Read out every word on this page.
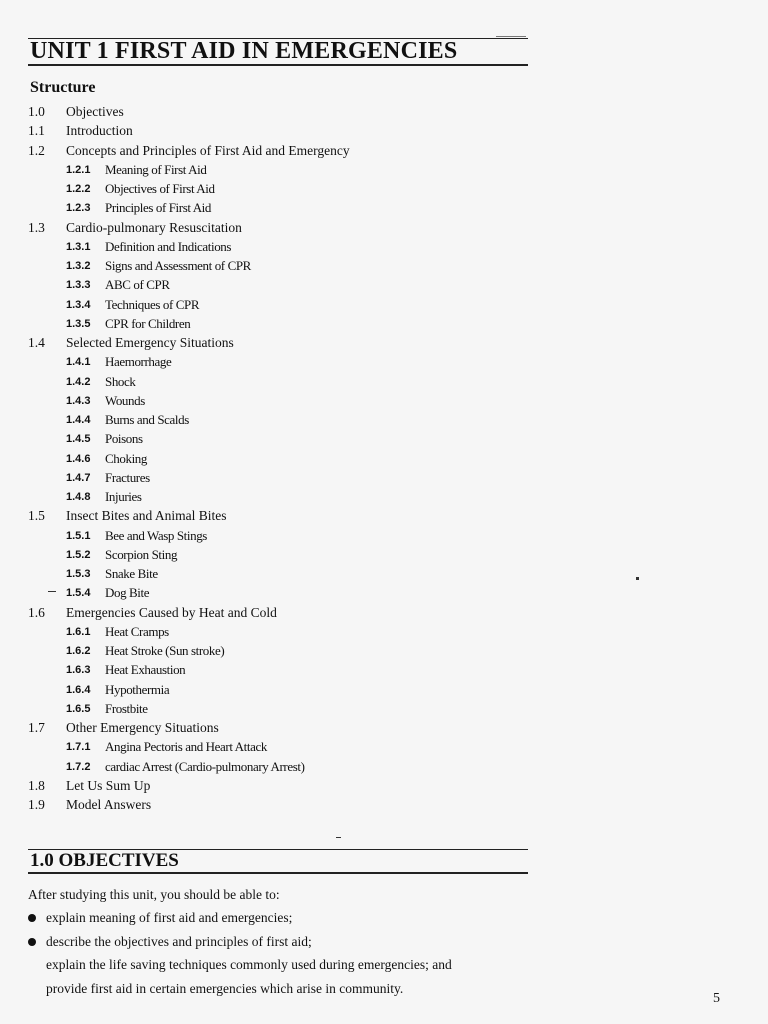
UNIT 1 FIRST AID IN EMERGENCIES
Structure
1.0 Objectives
1.1 Introduction
1.2 Concepts and Principles of First Aid and Emergency
1.2.1 Meaning of First Aid
1.2.2 Objectives of First Aid
1.2.3 Principles of First Aid
1.3 Cardio-pulmonary Resuscitation
1.3.1 Definition and Indications
1.3.2 Signs and Assessment of CPR
1.3.3 ABC of CPR
1.3.4 Techniques of CPR
1.3.5 CPR for Children
1.4 Selected Emergency Situations
1.4.1 Haemorrhage
1.4.2 Shock
1.4.3 Wounds
1.4.4 Burns and Scalds
1.4.5 Poisons
1.4.6 Choking
1.4.7 Fractures
1.4.8 Injuries
1.5 Insect Bites and Animal Bites
1.5.1 Bee and Wasp Stings
1.5.2 Scorpion Sting
1.5.3 Snake Bite
1.5.4 Dog Bite
1.6 Emergencies Caused by Heat and Cold
1.6.1 Heat Cramps
1.6.2 Heat Stroke (Sun stroke)
1.6.3 Heat Exhaustion
1.6.4 Hypothermia
1.6.5 Frostbite
1.7 Other Emergency Situations
1.7.1 Angina Pectoris and Heart Attack
1.7.2 cardiac Arrest (Cardio-pulmonary Arrest)
1.8 Let Us Sum Up
1.9 Model Answers
1.0 OBJECTIVES
After studying this unit, you should be able to:
explain meaning of first aid and emergencies;
describe the objectives and principles of first aid;
explain the life saving techniques commonly used during emergencies; and
provide first aid in certain emergencies which arise in community.
5
